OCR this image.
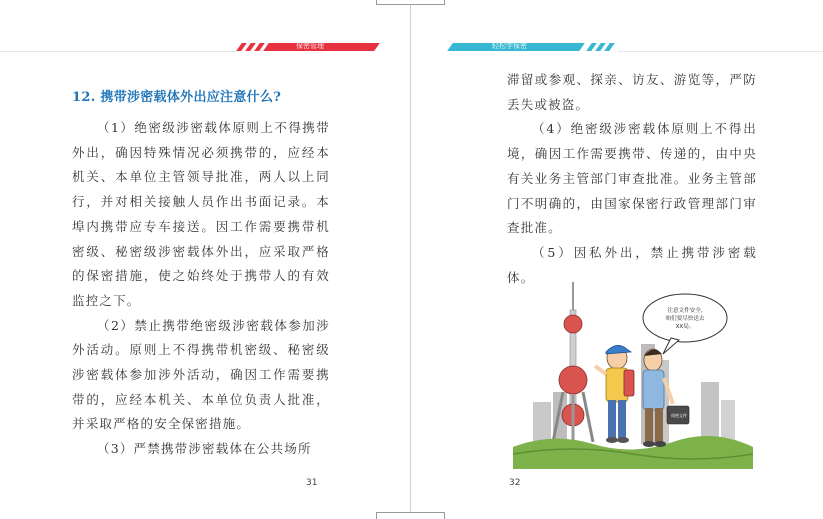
保密管理	轻松学保密
12. 携带涉密载体外出应注意什么?

（1）绝密级涉密载体原则上不得携带外出，确因特殊情况必须携带的，应经本机关、本单位主管领导批准，两人以上同行，并对相关接触人员作出书面记录。本埠内携带应专车接送。因工作需要携带机密级、秘密级涉密载体外出，应采取严格的保密措施，使之始终处于携带人的有效监控之下。

（2）禁止携带绝密级涉密载体参加涉外活动。原则上不得携带机密级、秘密级涉密载体参加涉外活动，确因工作需要携带的，应经本机关、本单位负责人批准，并采取严格的安全保密措施。

（3）严禁携带涉密载体在公共场所

31

滞留或参观、探亲、访友、游览等，严防丢失或被盗。

（4）绝密级涉密载体原则上不得出境，确因工作需要携带、传递的，由中央有关业务主管部门审查批准。业务主管部门不明确的，由国家保密行政管理部门审查批准。

（5）因私外出，禁止携带涉密载体。

32
保密文件
注意文件安全,
咱们要尽快送去
XX局。
